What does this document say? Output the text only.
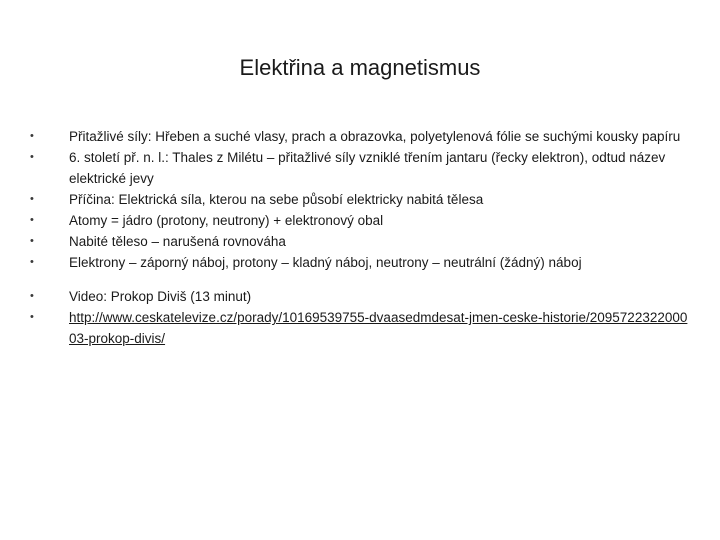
Elektřina a magnetismus
•	Přitažlivé síly: Hřeben a suché vlasy, prach a obrazovka, polyetylenová fólie se suchými kousky papíru
•	6. století př. n. l.: Thales z Milétu – přitažlivé síly vzniklé třením jantaru (řecky elektron), odtud název elektrické jevy
•	Příčina: Elektrická síla, kterou na sebe působí elektricky nabitá tělesa
•	Atomy = jádro (protony, neutrony) + elektronový obal
•	Nabité těleso – narušená rovnováha
•	Elektrony – záporný náboj, protony – kladný náboj, neutrony – neutrální (žádný) náboj
•	Video: Prokop Diviš (13 minut)
•	http://www.ceskatelevize.cz/porady/10169539755-dvaasedmdesat-jmen-ceske-historie/209572232200003-prokop-divis/
